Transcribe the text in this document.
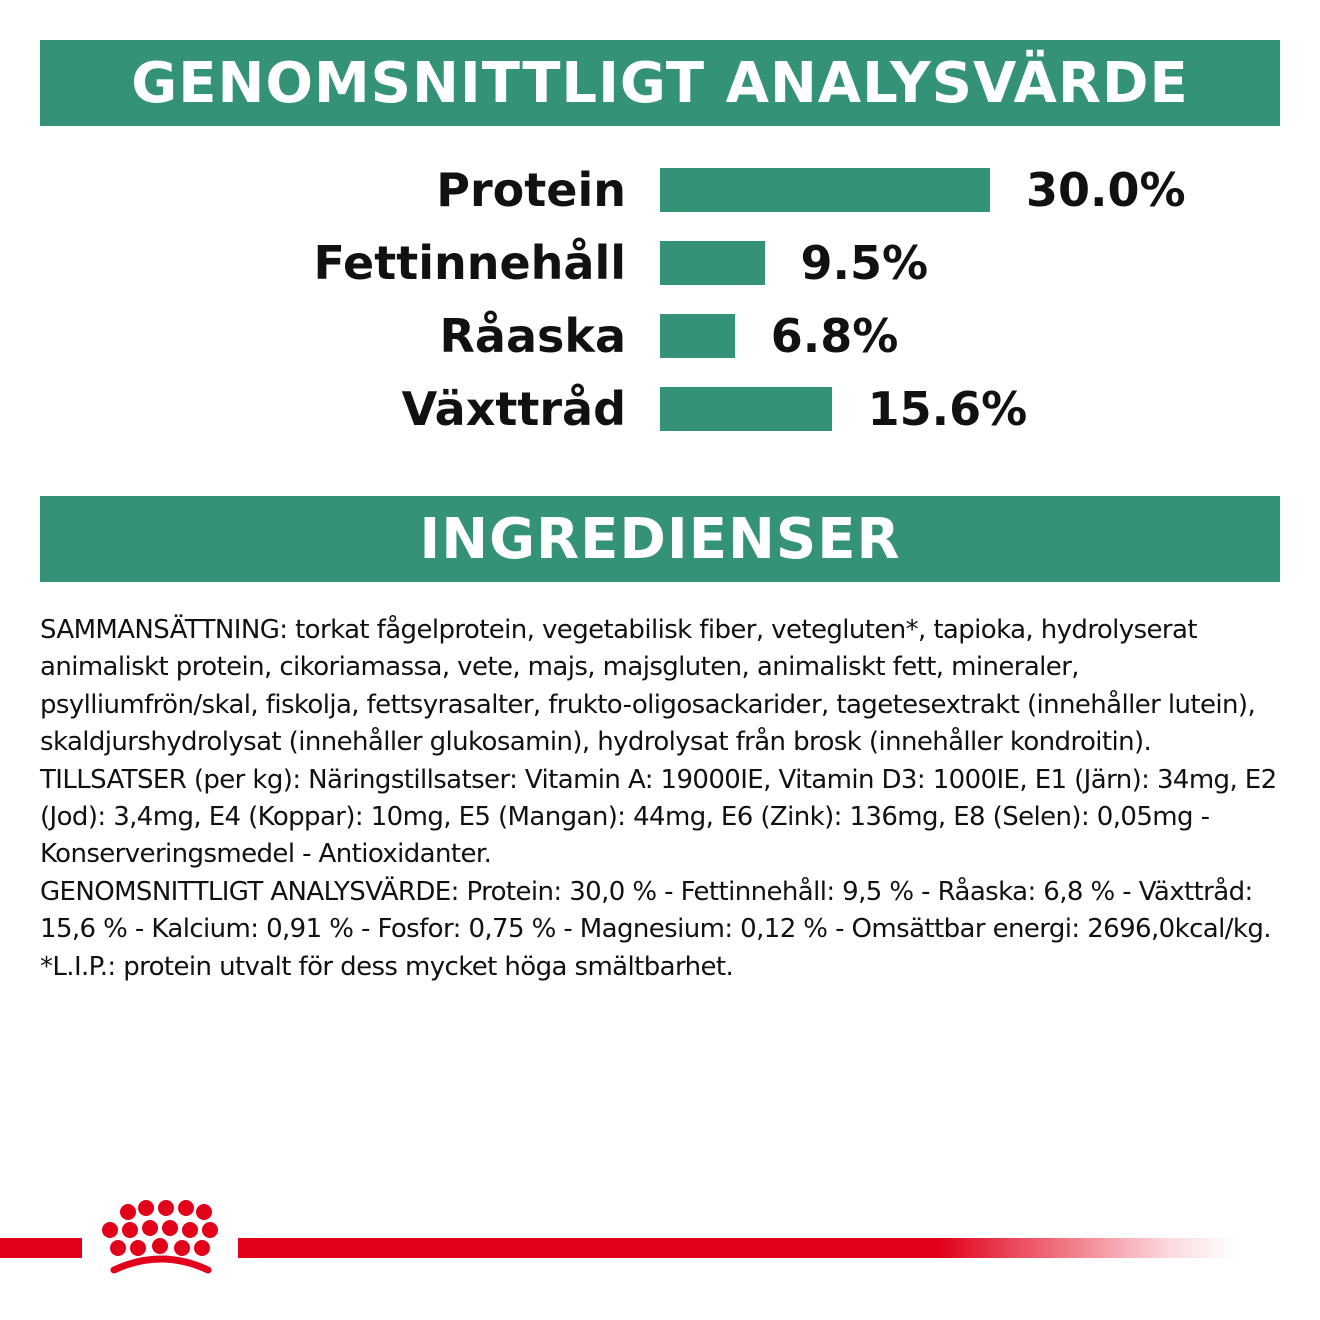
GENOMSNITTLIGT ANALYSVÄRDE
Protein	30.0%
Fettinnehåll	9.5%
Råaska	6.8%
Växttråd	15.6%
INGREDIENSER

SAMMANSÄTTNING: torkat fågelprotein, vegetabilisk fiber, vetegluten*, tapioka, hydrolyserat animaliskt protein, cikoriamassa, vete, majs, majsgluten, animaliskt fett, mineraler, psylliumfrön/skal, fiskolja, fettsyrasalter, frukto-oligosackarider, tagetesextrakt (innehåller lutein), skaldjurshydrolysat (innehåller glukosamin), hydrolysat från brosk (innehåller kondroitin).

TILLSATSER (per kg): Näringstillsatser: Vitamin A: 19000IE, Vitamin D3: 1000IE, E1 (Järn): 34mg, E2 (Jod): 3,4mg, E4 (Koppar): 10mg, E5 (Mangan): 44mg, E6 (Zink): 136mg, E8 (Selen): 0,05mg - Konserveringsmedel - Antioxidanter.

GENOMSNITTLIGT ANALYSVÄRDE: Protein: 30,0 % - Fettinnehåll: 9,5 % - Råaska: 6,8 % - Växttråd: 15,6 % - Kalcium: 0,91 % - Fosfor: 0,75 % - Magnesium: 0,12 % - Omsättbar energi: 2696,0kcal/kg.

*L.I.P.: protein utvalt för dess mycket höga smältbarhet.
